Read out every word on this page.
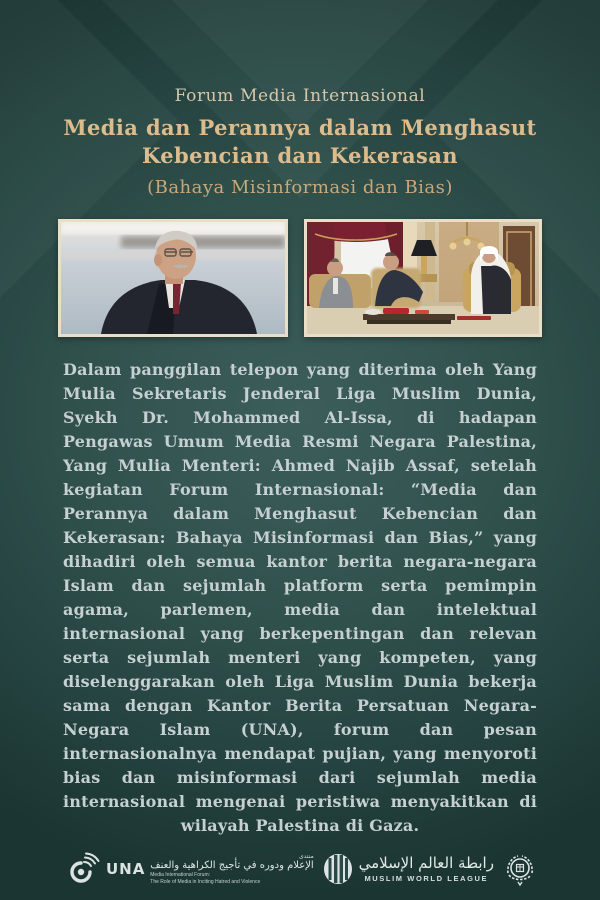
Forum Media Internasional
Media dan Perannya dalam Menghasut
Kebencian dan Kekerasan
(Bahaya Misinformasi dan Bias)

Dalam panggilan telepon yang diterima oleh Yang Mulia Sekretaris Jenderal Liga Muslim Dunia, Syekh Dr. Mohammed Al-Issa, di hadapan Pengawas Umum Media Resmi Negara Palestina, Yang Mulia Menteri: Ahmed Najib Assaf, setelah kegiatan Forum Internasional: “Media dan Perannya dalam Menghasut Kebencian dan Kekerasan: Bahaya Misinformasi dan Bias,” yang dihadiri oleh semua kantor berita negara-negara Islam dan sejumlah platform serta pemimpin agama, parlemen, media dan intelektual internasional yang berkepentingan dan relevan serta sejumlah menteri yang kompeten, yang diselenggarakan oleh Liga Muslim Dunia bekerja sama dengan Kantor Berita Persatuan Negara-Negara Islam (UNA), forum dan pesan internasionalnya mendapat pujian, yang menyoroti bias dan misinformasi dari sejumlah media internasional mengenai peristiwa menyakitkan di wilayah Palestina di Gaza.

UNA
منتدى
الإعلام ودوره في تأجيج الكراهية والعنف
Media International Forum:
The Role of Media in Inciting Hatred and Violence
رابطة العالم الإسلامي
MUSLIM WORLD LEAGUE
